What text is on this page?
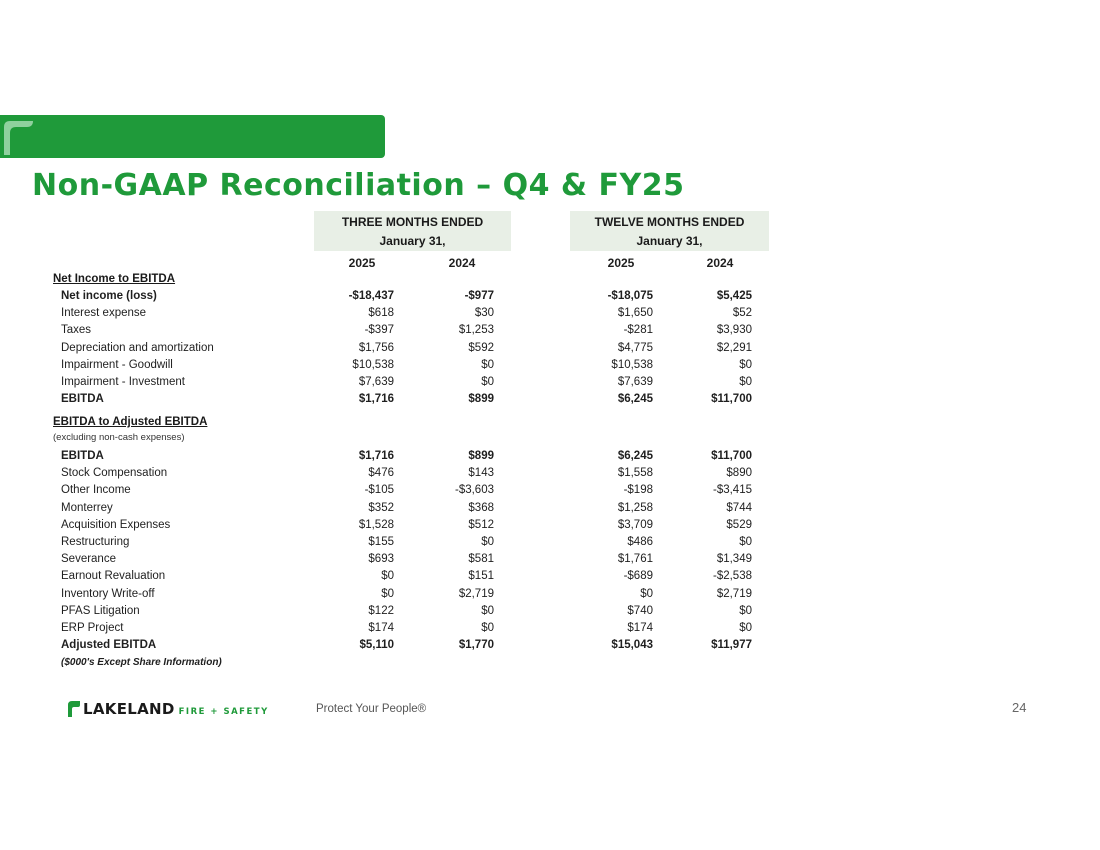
Non-GAAP Reconciliation – Q4 & FY25
THREE MONTHS ENDED
January 31,
TWELVE MONTHS ENDED
January 31,
2025	2024	2025	2024
Net Income to EBITDA
Net income (loss)	-$18,437	-$977	-$18,075	$5,425
Interest expense	$618	$30	$1,650	$52
Taxes	-$397	$1,253	-$281	$3,930
Depreciation and amortization	$1,756	$592	$4,775	$2,291
Impairment - Goodwill	$10,538	$0	$10,538	$0
Impairment - Investment	$7,639	$0	$7,639	$0
EBITDA	$1,716	$899	$6,245	$11,700
EBITDA to Adjusted EBITDA
(excluding non-cash expenses)
EBITDA	$1,716	$899	$6,245	$11,700
Stock Compensation	$476	$143	$1,558	$890
Other Income	-$105	-$3,603	-$198	-$3,415
Monterrey	$352	$368	$1,258	$744
Acquisition Expenses	$1,528	$512	$3,709	$529
Restructuring	$155	$0	$486	$0
Severance	$693	$581	$1,761	$1,349
Earnout Revaluation	$0	$151	-$689	-$2,538
Inventory Write-off	$0	$2,719	$0	$2,719
PFAS Litigation	$122	$0	$740	$0
ERP Project	$174	$0	$174	$0
Adjusted EBITDA	$5,110	$1,770	$15,043	$11,977
($000's Except Share Information)
LAKELAND FIRE + SAFETY	Protect Your People®	24
